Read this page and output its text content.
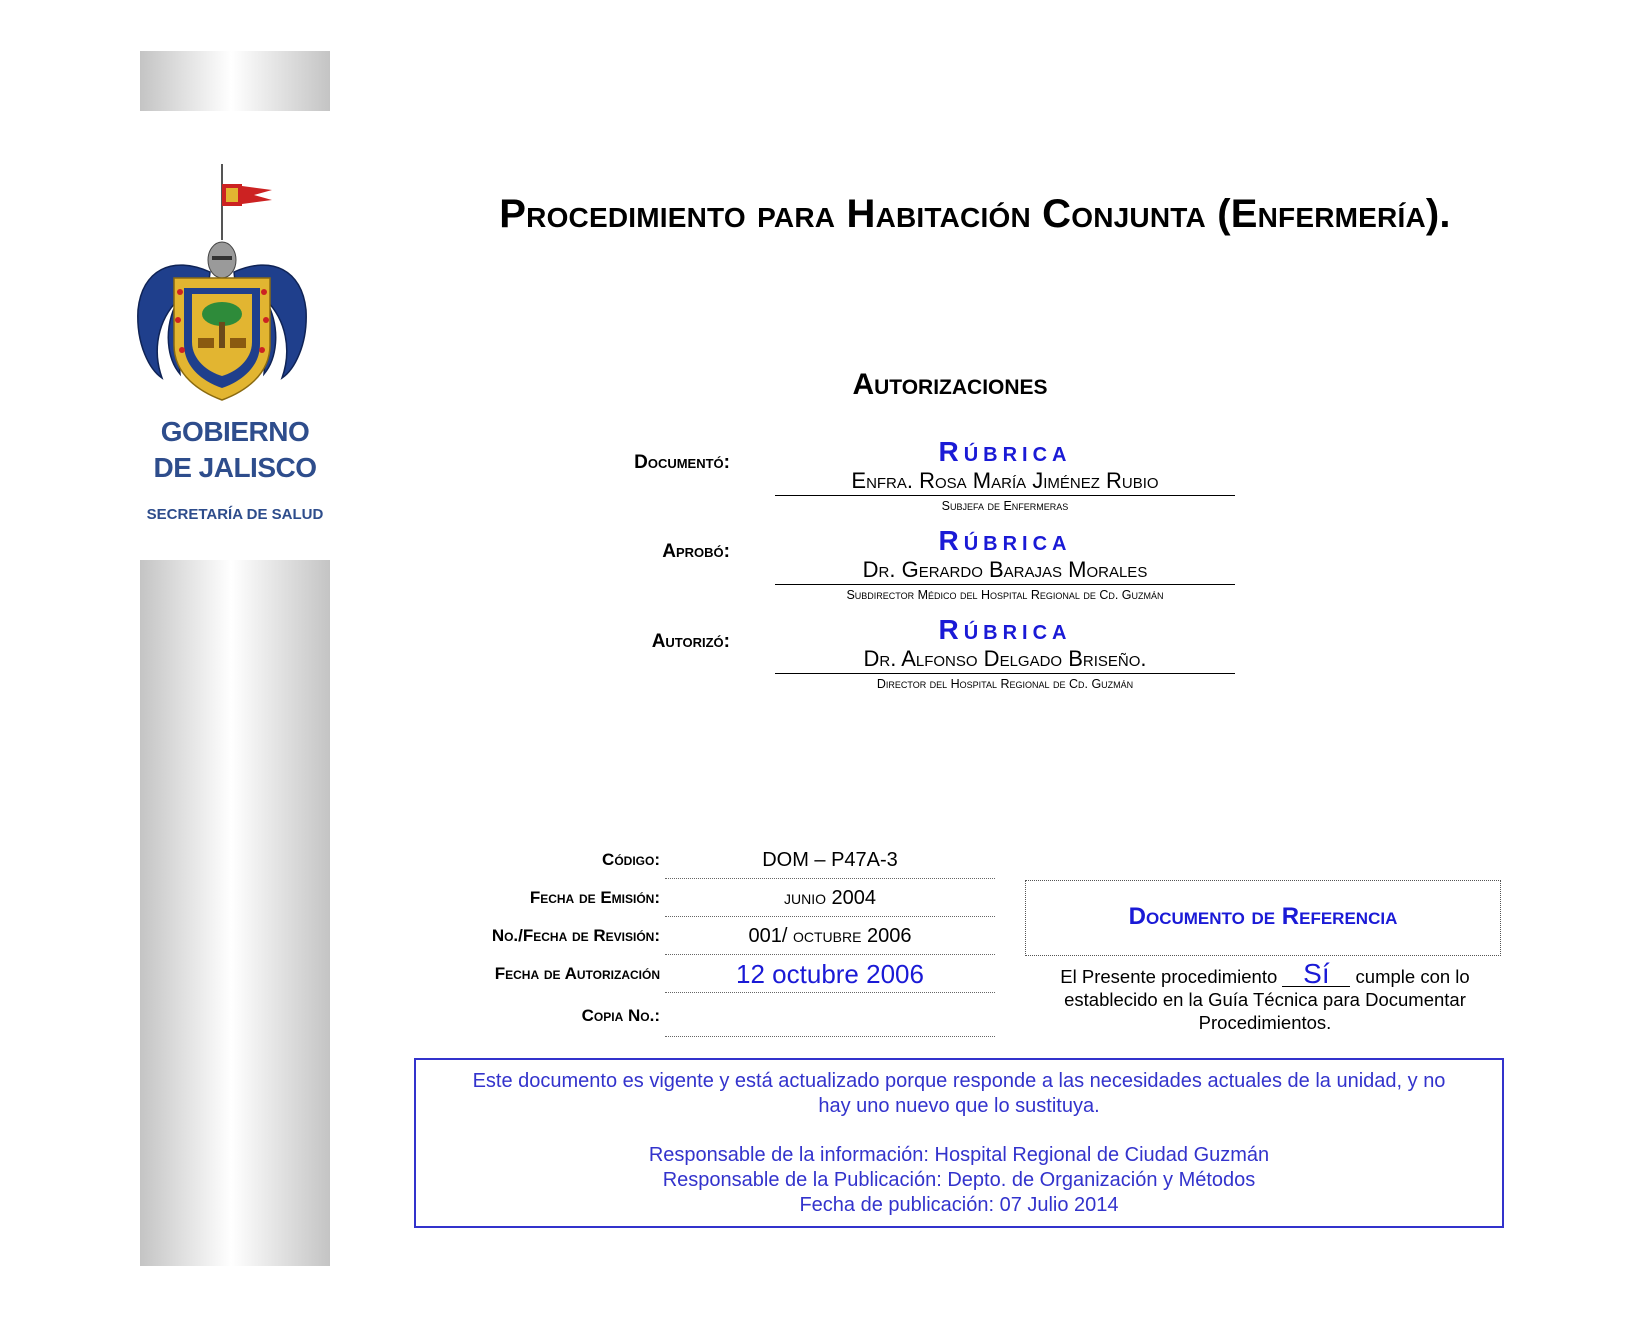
GOBIERNO
DE JALISCO
SECRETARÍA DE SALUD
Procedimiento para Habitación Conjunta (Enfermería).
Autorizaciones
Documentó:	Rúbrica
Enfra. Rosa María Jiménez Rubio
Subjefa de Enfermeras
Aprobó:	Rúbrica
Dr. Gerardo Barajas Morales
Subdirector Médico del Hospital Regional de Cd. Guzmán
Autorizó:	Rúbrica
Dr. Alfonso Delgado Briseño.
Director del Hospital Regional de Cd. Guzmán
Código:	DOM – P47A-3
Fecha de Emisión:	junio 2004
No./Fecha de Revisión:	001/ octubre 2006
Fecha de Autorización	12 octubre 2006
Copia No.:
Documento de Referencia
El Presente procedimiento Sí cumple con lo
establecido en la Guía Técnica para Documentar
Procedimientos.

Este documento es vigente y está actualizado porque responde a las necesidades actuales de la unidad, y no

hay uno nuevo que lo sustituya.

Responsable de la información: Hospital Regional de Ciudad Guzmán

Responsable de la Publicación: Depto. de Organización y Métodos

Fecha de publicación: 07 Julio 2014
